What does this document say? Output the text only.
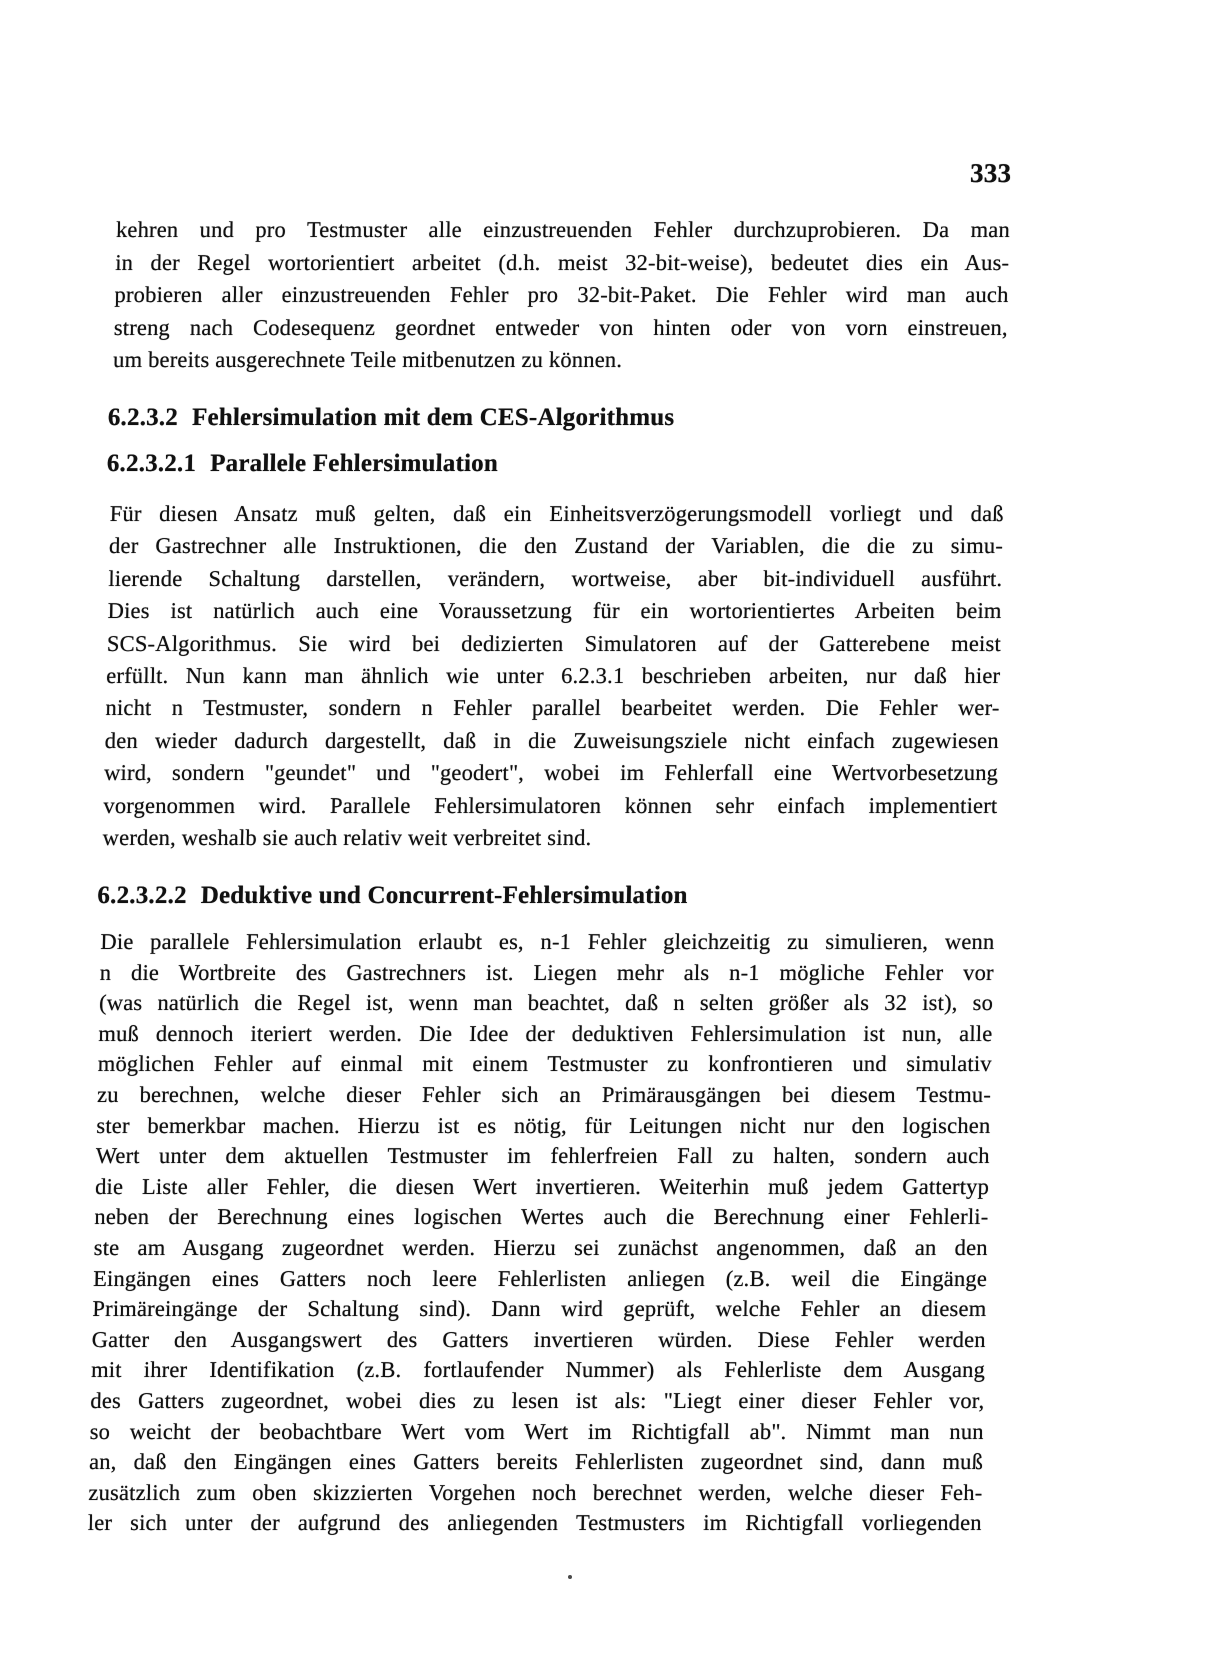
333
kehren und pro Testmuster alle einzustreuenden Fehler durchzuprobieren. Da man
in der Regel wortorientiert arbeitet (d.h. meist 32-bit-weise), bedeutet dies ein Aus-
probieren aller einzustreuenden Fehler pro 32-bit-Paket. Die Fehler wird man auch
streng nach Codesequenz geordnet entweder von hinten oder von vorn einstreuen,
um bereits ausgerechnete Teile mitbenutzen zu können.
6.2.3.2 Fehlersimulation mit dem CES-Algorithmus
6.2.3.2.1 Parallele Fehlersimulation
Für diesen Ansatz muß gelten, daß ein Einheitsverzögerungsmodell vorliegt und daß
der Gastrechner alle Instruktionen, die den Zustand der Variablen, die die zu simu-
lierende Schaltung darstellen, verändern, wortweise, aber bit-individuell ausführt.
Dies ist natürlich auch eine Voraussetzung für ein wortorientiertes Arbeiten beim
SCS-Algorithmus. Sie wird bei dedizierten Simulatoren auf der Gatterebene meist
erfüllt. Nun kann man ähnlich wie unter 6.2.3.1 beschrieben arbeiten, nur daß hier
nicht n Testmuster, sondern n Fehler parallel bearbeitet werden. Die Fehler wer-
den wieder dadurch dargestellt, daß in die Zuweisungsziele nicht einfach zugewiesen
wird, sondern "geundet" und "geodert", wobei im Fehlerfall eine Wertvorbesetzung
vorgenommen wird. Parallele Fehlersimulatoren können sehr einfach implementiert
werden, weshalb sie auch relativ weit verbreitet sind.
6.2.3.2.2 Deduktive und Concurrent-Fehlersimulation
Die parallele Fehlersimulation erlaubt es, n-1 Fehler gleichzeitig zu simulieren, wenn
n die Wortbreite des Gastrechners ist. Liegen mehr als n-1 mögliche Fehler vor
(was natürlich die Regel ist, wenn man beachtet, daß n selten größer als 32 ist), so
muß dennoch iteriert werden. Die Idee der deduktiven Fehlersimulation ist nun, alle
möglichen Fehler auf einmal mit einem Testmuster zu konfrontieren und simulativ
zu berechnen, welche dieser Fehler sich an Primärausgängen bei diesem Testmu-
ster bemerkbar machen. Hierzu ist es nötig, für Leitungen nicht nur den logischen
Wert unter dem aktuellen Testmuster im fehlerfreien Fall zu halten, sondern auch
die Liste aller Fehler, die diesen Wert invertieren. Weiterhin muß jedem Gattertyp
neben der Berechnung eines logischen Wertes auch die Berechnung einer Fehlerli-
ste am Ausgang zugeordnet werden. Hierzu sei zunächst angenommen, daß an den
Eingängen eines Gatters noch leere Fehlerlisten anliegen (z.B. weil die Eingänge
Primäreingänge der Schaltung sind). Dann wird geprüft, welche Fehler an diesem
Gatter den Ausgangswert des Gatters invertieren würden. Diese Fehler werden
mit ihrer Identifikation (z.B. fortlaufender Nummer) als Fehlerliste dem Ausgang
des Gatters zugeordnet, wobei dies zu lesen ist als: "Liegt einer dieser Fehler vor,
so weicht der beobachtbare Wert vom Wert im Richtigfall ab". Nimmt man nun
an, daß den Eingängen eines Gatters bereits Fehlerlisten zugeordnet sind, dann muß
zusätzlich zum oben skizzierten Vorgehen noch berechnet werden, welche dieser Feh-
ler sich unter der aufgrund des anliegenden Testmusters im Richtigfall vorliegenden
